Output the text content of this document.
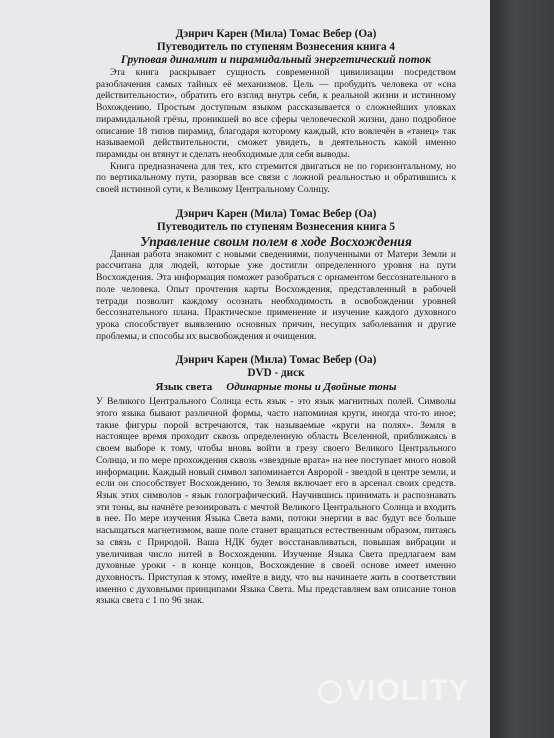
Дэнрич Карен (Мила) Томас Вебер (Оа)
Путеводитель по ступеням Вознесения книга 4
Груповая динамит и пирамидальный энергетический поток

Эта книга раскрывает сущность современной цивилизации посредством разоблачения самых тайных её механизмов. Цель — пробудить человека от «сна действительности», обратить его взгляд внутрь себя, к реальной жизни и истинному Вохождению. Простым доступным языком рассказывается о сложнейших уловках пирамидальной грёзы, проникшей во все сферы человеческой жизни, дано подробное описание 18 типов пирамид, благодаря которому каждый, кто вовлечён в «танец» так называемой действительности, сможет увидеть, в деятельность какой именно пирамиды он втянут и сделать необходимые для себя выводы.

Книга предназначена для тех, кто стремится двигаться не по горизонтальному, но по вертикальному пути, разорвав все связи с ложной реальностью и обратившись к своей истинной сути, к Великому Центральному Солнцу.

Дэнрич Карен (Мила) Томас Вебер (Оа)
Путеводитель по ступеням Вознесения книга 5
Управление своим полем в ходе Восхождения

Данная работа знакомит с новыми сведениями, полученными от Матери Земли и рассчитана для людей, которые уже достигли определенного уровня на пути Восхождения. Эта информация поможет разобраться с орнаментом бессознательного в поле человека. Опыт прочтения карты Восхождения, представленный в рабочей тетради позволит каждому осознать необходимость в освобождении уровней бессознательного плана. Практическое применение и изучение каждого духовного урока способствует выявлению основных причин, несущих заболевания и другие проблемы, и способы их высвобождения и очищения.

Дэнрич Карен (Мила) Томас Вебер (Оа)
DVD - диск
Язык света Одинарные тоны и Двойные тоны

У Великого Центрального Солнца есть язык - это язык магнитных полей. Символы этого языка бывают различной формы, часто напоминая круги, иногда что-то иное; такие фигуры порой встречаются, так называемые «круги на полях». Земля в настоящее время проходит сквозь определенную область Вселенной, приближаясь в своем выборе к тому, чтобы вновь войти в грезу своего Великого Центрального Солнца, и по мере прохождения сквозь «звездные врата» на нее поступает много новой информации. Каждый новый символ запоминается Авророй - звездой в центре земли, и если он способствует Восхождению, то Земля включает его в арсенал своих средств. Язык этих символов - язык голографический. Научившись принимать и распознавать эти тоны, вы начнёте резонировать с мечтой Великого Центрального Солнца и входить в нее. По мере изучения Языка Света вами, потоки энергии в вас будут все больше насыщаться магнетизмом, ваше поле станет вращаться естественным образом, питаясь за связь с Природой. Ваша НДК будет восстанавливаться, повышая вибрации и увеличивая число нитей в Восхождении. Изучение Языка Света предлагаем вам духовные уроки - в конце концов, Восхождение в своей основе имеет именно духовность. Приступая к этому, имейте в виду, что вы начинаете жить в соответствии именно с духовными принципами Языка Света. Мы представляем вам описание тонов языка света с 1 по 96 знак.

VIOLITY
